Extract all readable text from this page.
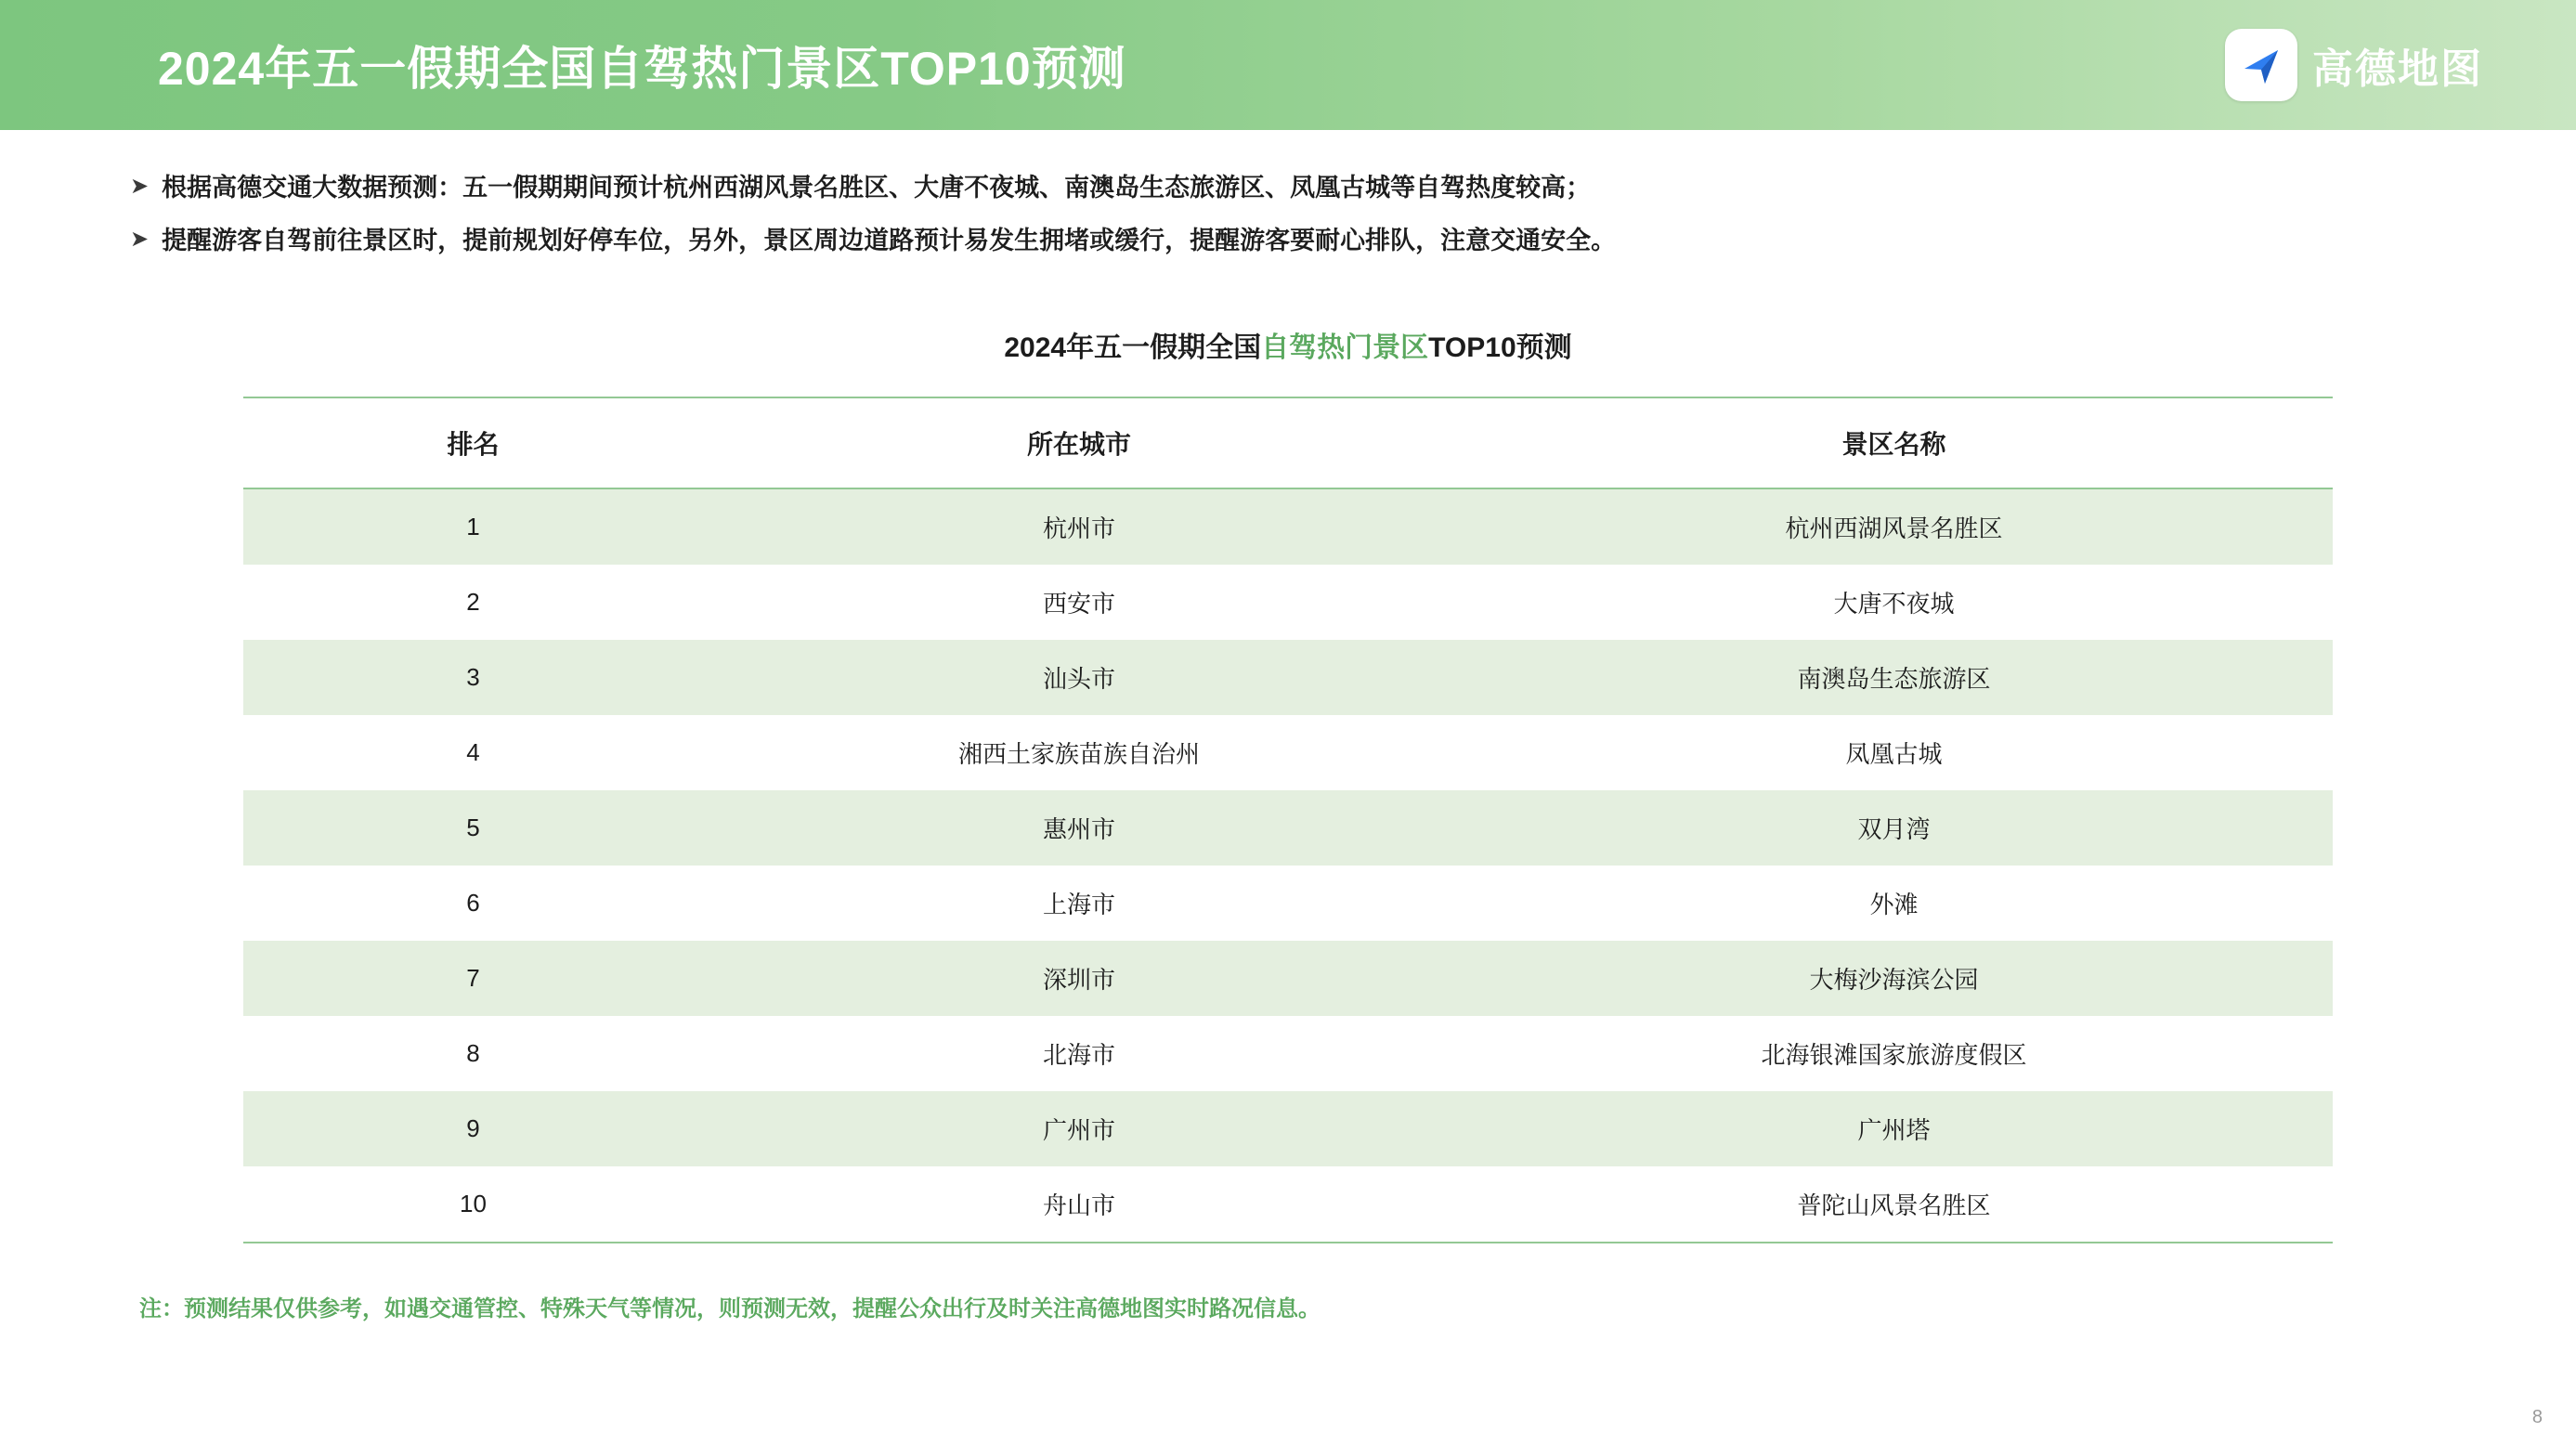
2024年五一假期全国自驾热门景区TOP10预测	高德地图
➤ 根据高德交通大数据预测：五一假期期间预计杭州西湖风景名胜区、大唐不夜城、南澳岛生态旅游区、凤凰古城等自驾热度较高；
➤ 提醒游客自驾前往景区时，提前规划好停车位，另外，景区周边道路预计易发生拥堵或缓行，提醒游客要耐心排队，注意交通安全。
2024年五一假期全国自驾热门景区TOP10预测
排名	所在城市	景区名称
1	杭州市	杭州西湖风景名胜区
2	西安市	大唐不夜城
3	汕头市	南澳岛生态旅游区
4	湘西土家族苗族自治州	凤凰古城
5	惠州市	双月湾
6	上海市	外滩
7	深圳市	大梅沙海滨公园
8	北海市	北海银滩国家旅游度假区
9	广州市	广州塔
10	舟山市	普陀山风景名胜区
注：预测结果仅供参考，如遇交通管控、特殊天气等情况，则预测无效，提醒公众出行及时关注高德地图实时路况信息。
8
